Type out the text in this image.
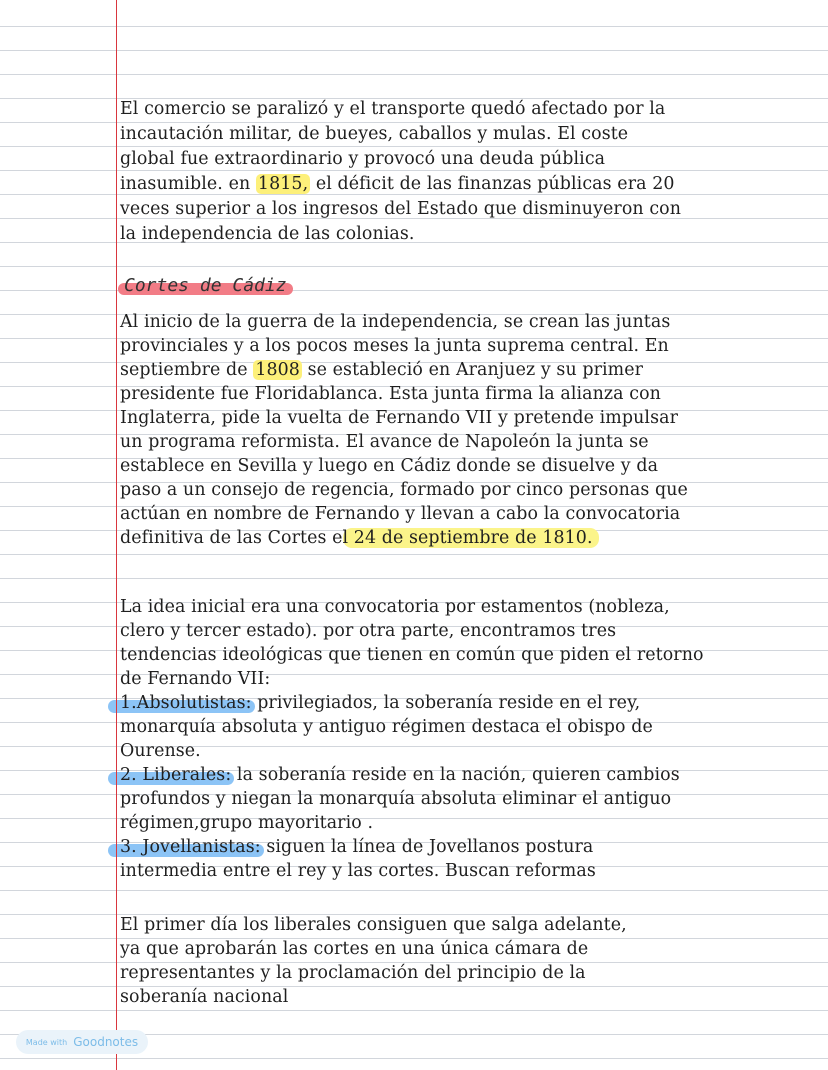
El comercio se paralizó y el transporte quedó afectado por la
incautación militar, de bueyes, caballos y mulas. El coste
global fue extraordinario y provocó una deuda pública
inasumible. en 1815, el déficit de las finanzas públicas era 20
veces superior a los ingresos del Estado que disminuyeron con
la independencia de las colonias.
Cortes de Cádiz
Al inicio de la guerra de la independencia, se crean las juntas
provinciales y a los pocos meses la junta suprema central. En
septiembre de 1808 se estableció en Aranjuez y su primer
presidente fue Floridablanca. Esta junta firma la alianza con
Inglaterra, pide la vuelta de Fernando VII y pretende impulsar
un programa reformista. El avance de Napoleón la junta se
establece en Sevilla y luego en Cádiz donde se disuelve y da
paso a un consejo de regencia, formado por cinco personas que
actúan en nombre de Fernando y llevan a cabo la convocatoria
definitiva de las Cortes el 24 de septiembre de 1810.
La idea inicial era una convocatoria por estamentos (nobleza,
clero y tercer estado). por otra parte, encontramos tres
tendencias ideológicas que tienen en común que piden el retorno
de Fernando VII:
1.Absolutistas: privilegiados, la soberanía reside en el rey,
monarquía absoluta y antiguo régimen destaca el obispo de
Ourense.
2. Liberales: la soberanía reside en la nación, quieren cambios
profundos y niegan la monarquía absoluta eliminar el antiguo
régimen,grupo mayoritario .
3. Jovellanistas: siguen la línea de Jovellanos postura
intermedia entre el rey y las cortes. Buscan reformas
El primer día los liberales consiguen que salga adelante,
ya que aprobarán las cortes en una única cámara de
representantes y la proclamación del principio de la
soberanía nacional
Made with Goodnotes
